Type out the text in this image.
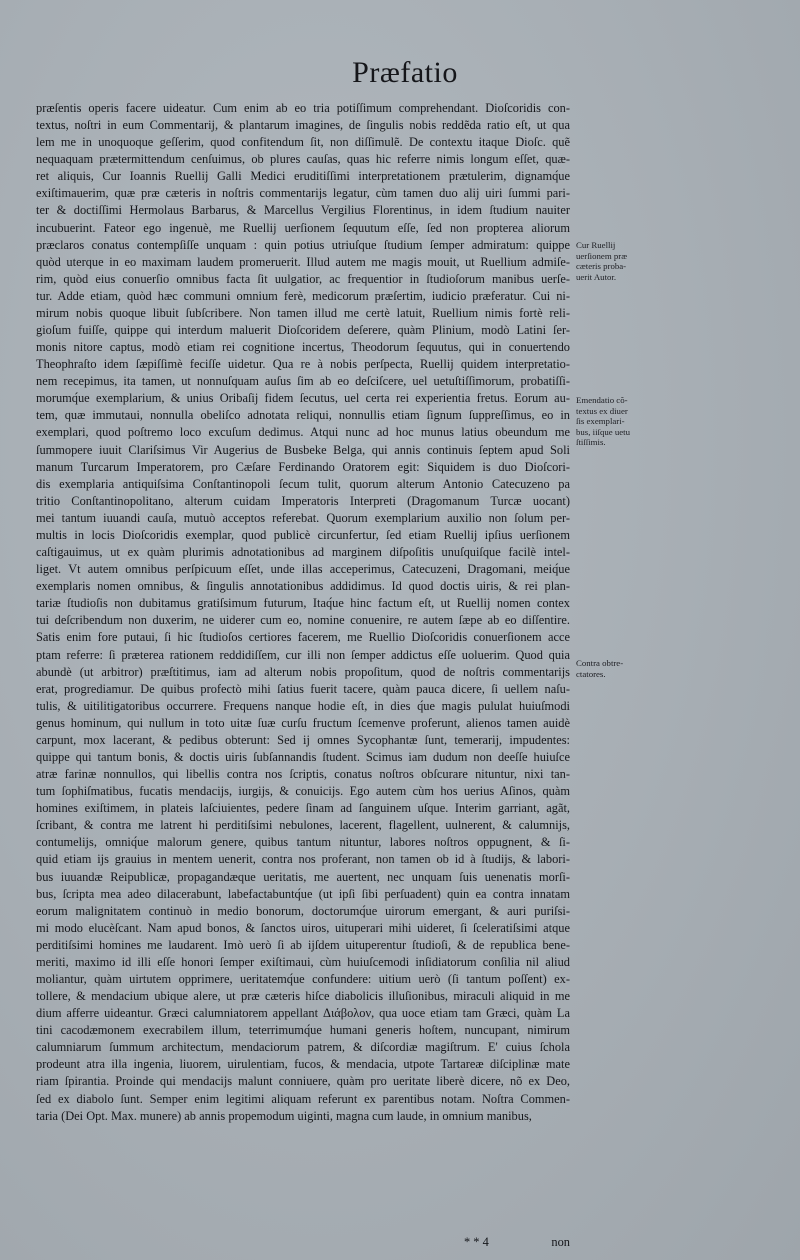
Præfatio
præſentis operis facere uideatur. Cum enim ab eo tria potiſſimum comprehendant. Dioſcoridis con-
textus, noſtri in eum Commentarij, & plantarum imagines, de ſingulis nobis reddẽda ratio eſt, ut qua
lem me in unoquoque geſſerim, quod confitendum ſit, non diſſimulẽ. De contextu itaque Dioſc. quẽ
nequaquam prætermittendum cenſuimus, ob plures cauſas, quas hic referre nimis longum eſſet, quæ-
ret aliquis, Cur Ioannis Ruellij Galli Medici eruditiſſimi interpretationem prætulerim, dignamq́ue
exiſtimauerim, quæ præ cæteris in noſtris commentarijs legatur, cùm tamen duo alij uiri ſummi pari-
ter & doctiſſimi Hermolaus Barbarus, & Marcellus Vergilius Florentinus, in idem ſtudium nauiter
incubuerint. Fateor ego ingenuè, me Ruellij uerſionem ſequutum eſſe, ſed non propterea aliorum
præclaros conatus contempſiſſe unquam : quin potius utriuſque ſtudium ſemper admiratum: quippe
quòd uterque in eo maximam laudem promeruerit. Illud autem me magis mouit, ut Ruellium admiſe-
rim, quòd eius conuerſio omnibus facta ſit uulgatior, ac frequentior in ſtudioſorum manibus uerſe-
tur. Adde etiam, quòd hæc communi omnium ferè, medicorum præſertim, iudicio præferatur. Cui ni-
mirum nobis quoque libuit ſubſcribere. Non tamen illud me certè latuit, Ruellium nimis fortè reli-
gioſum fuiſſe, quippe qui interdum maluerit Dioſcoridem deſerere, quàm Plinium, modò Latini ſer-
monis nitore captus, modò etiam rei cognitione incertus, Theodorum ſequutus, qui in conuertendo
Theophraſto idem ſæpiſſimè feciſſe uidetur. Qua re à nobis perſpecta, Ruellij quidem interpretatio-
nem recepimus, ita tamen, ut nonnuſquam auſus ſim ab eo deſciſcere, uel uetuſtiſſimorum, probatiſſi-
morumq́ue exemplarium, & unius Oribaſij fidem ſecutus, uel certa rei experientia fretus. Eorum au-
tem, quæ immutaui, nonnulla obeliſco adnotata reliqui, nonnullis etiam ſignum ſuppreſſimus, eo in
exemplari, quod poſtremo loco excuſum dedimus. Atqui nunc ad hoc munus latius obeundum me
ſummopere iuuit Clariſsimus Vir Augerius de Busbeke Belga, qui annis continuis ſeptem apud Soli
manum Turcarum Imperatorem, pro Cæſare Ferdinando Oratorem egit: Siquidem is duo Dioſcori-
dis exemplaria antiquiſsima Conſtantinopoli ſecum tulit, quorum alterum Antonio Catecuzeno pa
tritio Conſtantinopolitano, alterum cuidam Imperatoris Interpreti (Dragomanum Turcæ uocant)
mei tantum iuuandi cauſa, mutuò acceptos referebat. Quorum exemplarium auxilio non ſolum per-
multis in locis Dioſcoridis exemplar, quod publicè circunfertur, ſed etiam Ruellij ipſius uerſionem
caſtigauimus, ut ex quàm plurimis adnotationibus ad marginem diſpoſitis unuſquiſque facilè intel-
liget. Vt autem omnibus perſpicuum eſſet, unde illas acceperimus, Catecuzeni, Dragomani, meiq́ue
exemplaris nomen omnibus, & ſingulis annotationibus addidimus. Id quod doctis uiris, & rei plan-
tariæ ſtudioſis non dubitamus gratiſsimum futurum, Itaq́ue hinc factum eſt, ut Ruellij nomen contex
tui deſcribendum non duxerim, ne uiderer cum eo, nomine conuenire, re autem ſæpe ab eo diſſentire.
Satis enim fore putaui, ſi hic ſtudioſos certiores facerem, me Ruellio Dioſcoridis conuerſionem acce
ptam referre: ſi præterea rationem reddidiſſem, cur illi non ſemper addictus eſſe uoluerim. Quod quia
abundè (ut arbitror) præſtitimus, iam ad alterum nobis propoſitum, quod de noſtris commentarijs
erat, progrediamur. De quibus profectò mihi ſatius fuerit tacere, quàm pauca dicere, ſi uellem naſu-
tulis, & uitilitigatoribus occurrere. Frequens nanque hodie eſt, in dies q́ue magis pululat huiuſmodi
genus hominum, qui nullum in toto uitæ ſuæ curſu fructum ſcemenve proferunt, alienos tamen auidè
carpunt, mox lacerant, & pedibus obterunt: Sed ij omnes Sycophantæ ſunt, temerarij, impudentes:
quippe qui tantum bonis, & doctis uiris ſubſannandis ſtudent. Scimus iam dudum non deeſſe huiuſce
atræ farinæ nonnullos, qui libellis contra nos ſcriptis, conatus noſtros obſcurare nituntur, nixi tan-
tum ſophiſmatibus, fucatis mendacijs, iurgijs, & conuicijs. Ego autem cùm hos uerius Aſinos, quàm
homines exiſtimem, in plateis laſciuientes, pedere ſinam ad ſanguinem uſque. Interim garriant, agãt,
ſcribant, & contra me latrent hi perditiſsimi nebulones, lacerent, flagellent, uulnerent, & calumnijs,
contumelijs, omniq́ue malorum genere, quibus tantum nituntur, labores noſtros oppugnent, & ſi-
quid etiam ijs grauius in mentem uenerit, contra nos proferant, non tamen ob id à ſtudijs, & labori-
bus iuuandæ Reipublicæ, propagandæque ueritatis, me auertent, nec unquam ſuis uenenatis morſi-
bus, ſcripta mea adeo dilacerabunt, labefactabuntq́ue (ut ipſi ſibi perſuadent) quin ea contra innatam
eorum malignitatem continuò in medio bonorum, doctorumq́ue uirorum emergant, & auri puriſsi-
mi modo elucèſcant. Nam apud bonos, & ſanctos uiros, uituperari mihi uideret, ſi ſceleratiſsimi atque
perditiſsimi homines me laudarent. Imò uerò ſi ab ijſdem uituperentur ſtudioſi, & de republica bene-
meriti, maximo id illi eſſe honori ſemper exiſtimaui, cùm huiuſcemodi inſidiatorum conſilia nil aliud
moliantur, quàm uirtutem opprimere, ueritatemq́ue confundere: uitium uerò (ſi tantum poſſent) ex-
tollere, & mendacium ubique alere, ut præ cæteris hiſce diabolicis illuſionibus, miraculi aliquid in me
dium afferre uideantur. Græci calumniatorem appellant Διάβολον, qua uoce etiam tam Græci, quàm La
tini cacodæmonem execrabilem illum, teterrimumq́ue humani generis hoſtem, nuncupant, nimirum
calumniarum ſummum architectum, mendaciorum patrem, & diſcordiæ magiſtrum. E' cuius ſchola
prodeunt atra illa ingenia, liuorem, uirulentiam, fucos, & mendacia, utpote Tartareæ diſciplinæ mate
riam ſpirantia. Proinde qui mendacijs malunt conniuere, quàm pro ueritate liberè dicere, nõ ex Deo,
ſed ex diabolo ſunt. Semper enim legitimi aliquam referunt ex parentibus notam. Noſtra Commen-
taria (Dei Opt. Max. munere) ab annis propemodum uiginti, magna cum laude, in omnium manibus,
Cur Ruellij
uerſionem præ
cæteris proba-
uerit Autor.
Emendatio cõ-
textus ex diuer
ſis exemplari-
bus, iiſque uetu
ſtiſſimis.
Contra obtre-
ctatores.
* * 4	non
